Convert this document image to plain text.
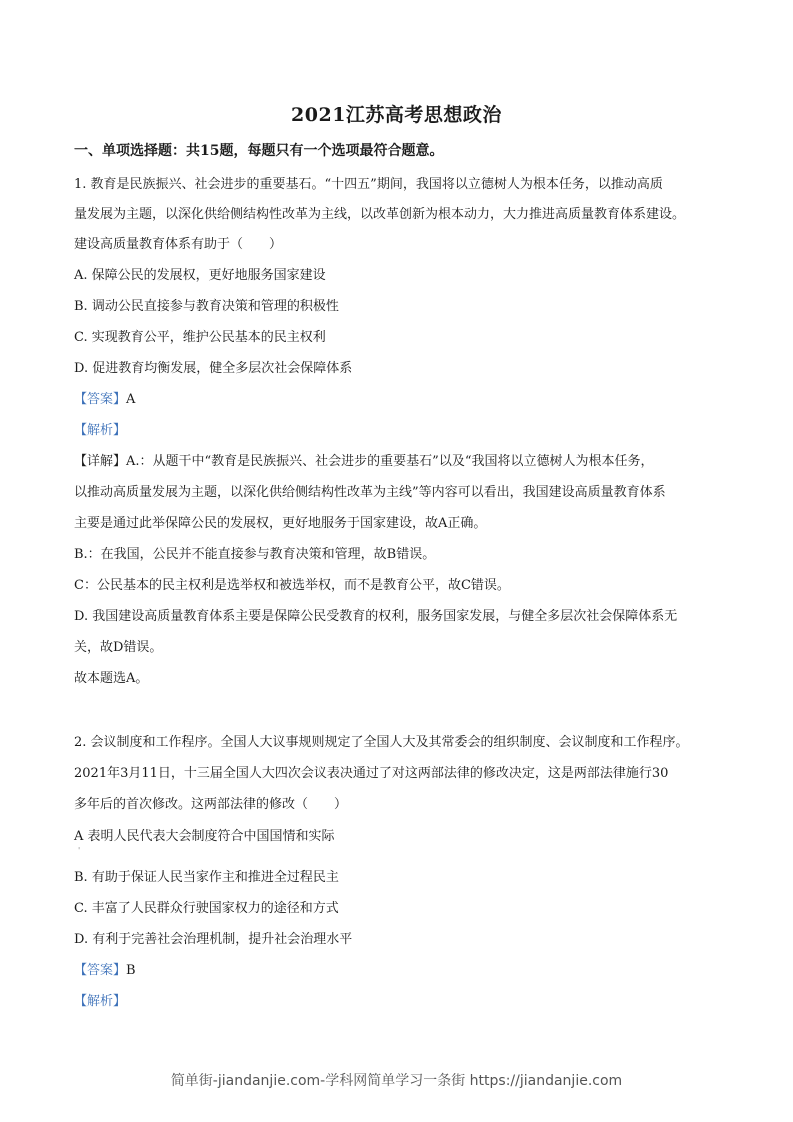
2021江苏高考思想政治
一、单项选择题：共15题，每题只有一个选项最符合题意。
1. 教育是民族振兴、社会进步的重要基石。“十四五”期间，我国将以立德树人为根本任务，以推动高质
量发展为主题，以深化供给侧结构性改革为主线，以改革创新为根本动力，大力推进高质量教育体系建设。
建设高质量教育体系有助于（　　）
A. 保障公民的发展权，更好地服务国家建设
B. 调动公民直接参与教育决策和管理的积极性
C. 实现教育公平，维护公民基本的民主权利
D. 促进教育均衡发展，健全多层次社会保障体系
【答案】A
【解析】
【详解】A.：从题干中“教育是民族振兴、社会进步的重要基石”以及“我国将以立德树人为根本任务，
以推动高质量发展为主题，以深化供给侧结构性改革为主线”等内容可以看出，我国建设高质量教育体系
主要是通过此举保障公民的发展权，更好地服务于国家建设，故A正确。
B.：在我国，公民并不能直接参与教育决策和管理，故B错误。
C：公民基本的民主权利是选举权和被选举权，而不是教育公平，故C错误。
D. 我国建设高质量教育体系主要是保障公民受教育的权利，服务国家发展，与健全多层次社会保障体系无
关，故D错误。
故本题选A。
2. 会议制度和工作程序。全国人大议事规则规定了全国人大及其常委会的组织制度、会议制度和工作程序。
2021年3月11日，十三届全国人大四次会议表决通过了对这两部法律的修改决定，这是两部法律施行30
多年后的首次修改。这两部法律的修改（　　）
A 表明人民代表大会制度符合中国国情和实际
'
B. 有助于保证人民当家作主和推进全过程民主
C. 丰富了人民群众行驶国家权力的途径和方式
D. 有利于完善社会治理机制，提升社会治理水平
【答案】B
【解析】
简单街-jiandanjie.com-学科网简单学习一条街 https://jiandanjie.com
